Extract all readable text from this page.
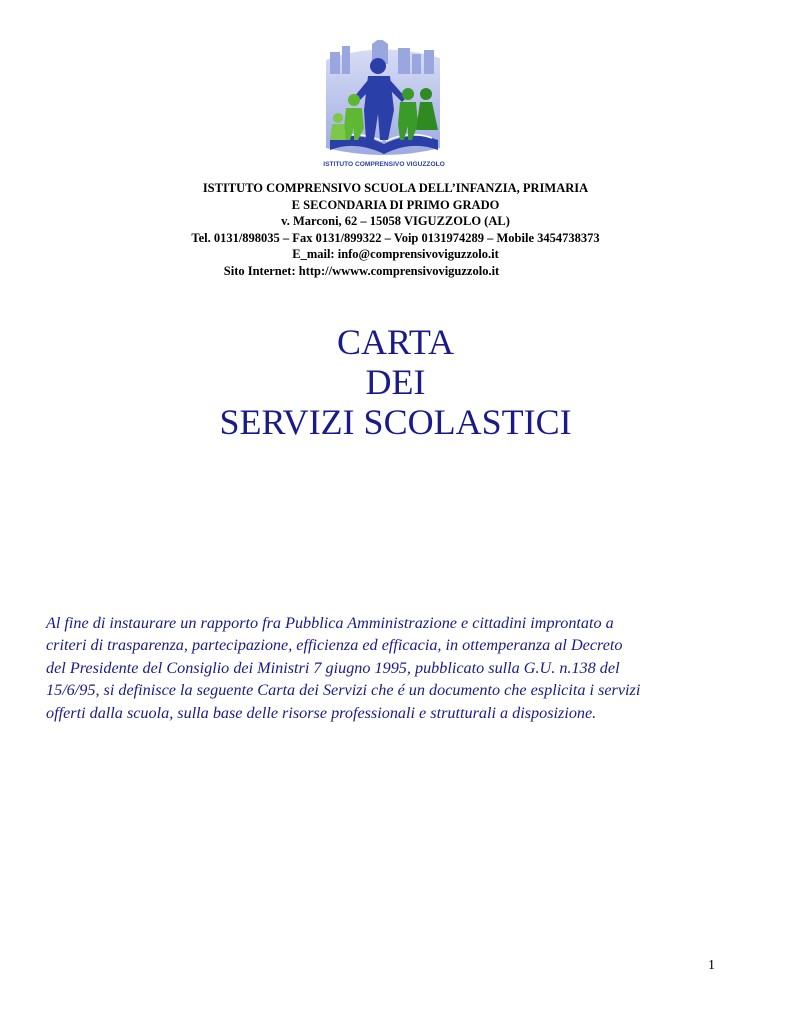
ISTITUTO COMPRENSIVO VIGUZZOLO
ISTITUTO COMPRENSIVO SCUOLA DELL’INFANZIA, PRIMARIA
E SECONDARIA DI PRIMO GRADO
v. Marconi, 62 – 15058 VIGUZZOLO (AL)
Tel. 0131/898035 – Fax 0131/899322 – Voip 0131974289 – Mobile 3454738373
E_mail: info@comprensivoviguzzolo.it
Sito Internet: http://wwww.comprensivoviguzzolo.it
CARTA
DEI
SERVIZI SCOLASTICI
Al fine di instaurare un rapporto fra Pubblica Amministrazione e cittadini improntato a
criteri di trasparenza, partecipazione, efficienza ed efficacia, in ottemperanza al Decreto
del Presidente del Consiglio dei Ministri 7 giugno 1995, pubblicato sulla G.U. n.138 del
15/6/95, si definisce la seguente Carta dei Servizi che é un documento che esplicita i servizi
offerti dalla scuola, sulla base delle risorse professionali e strutturali a disposizione.
1
